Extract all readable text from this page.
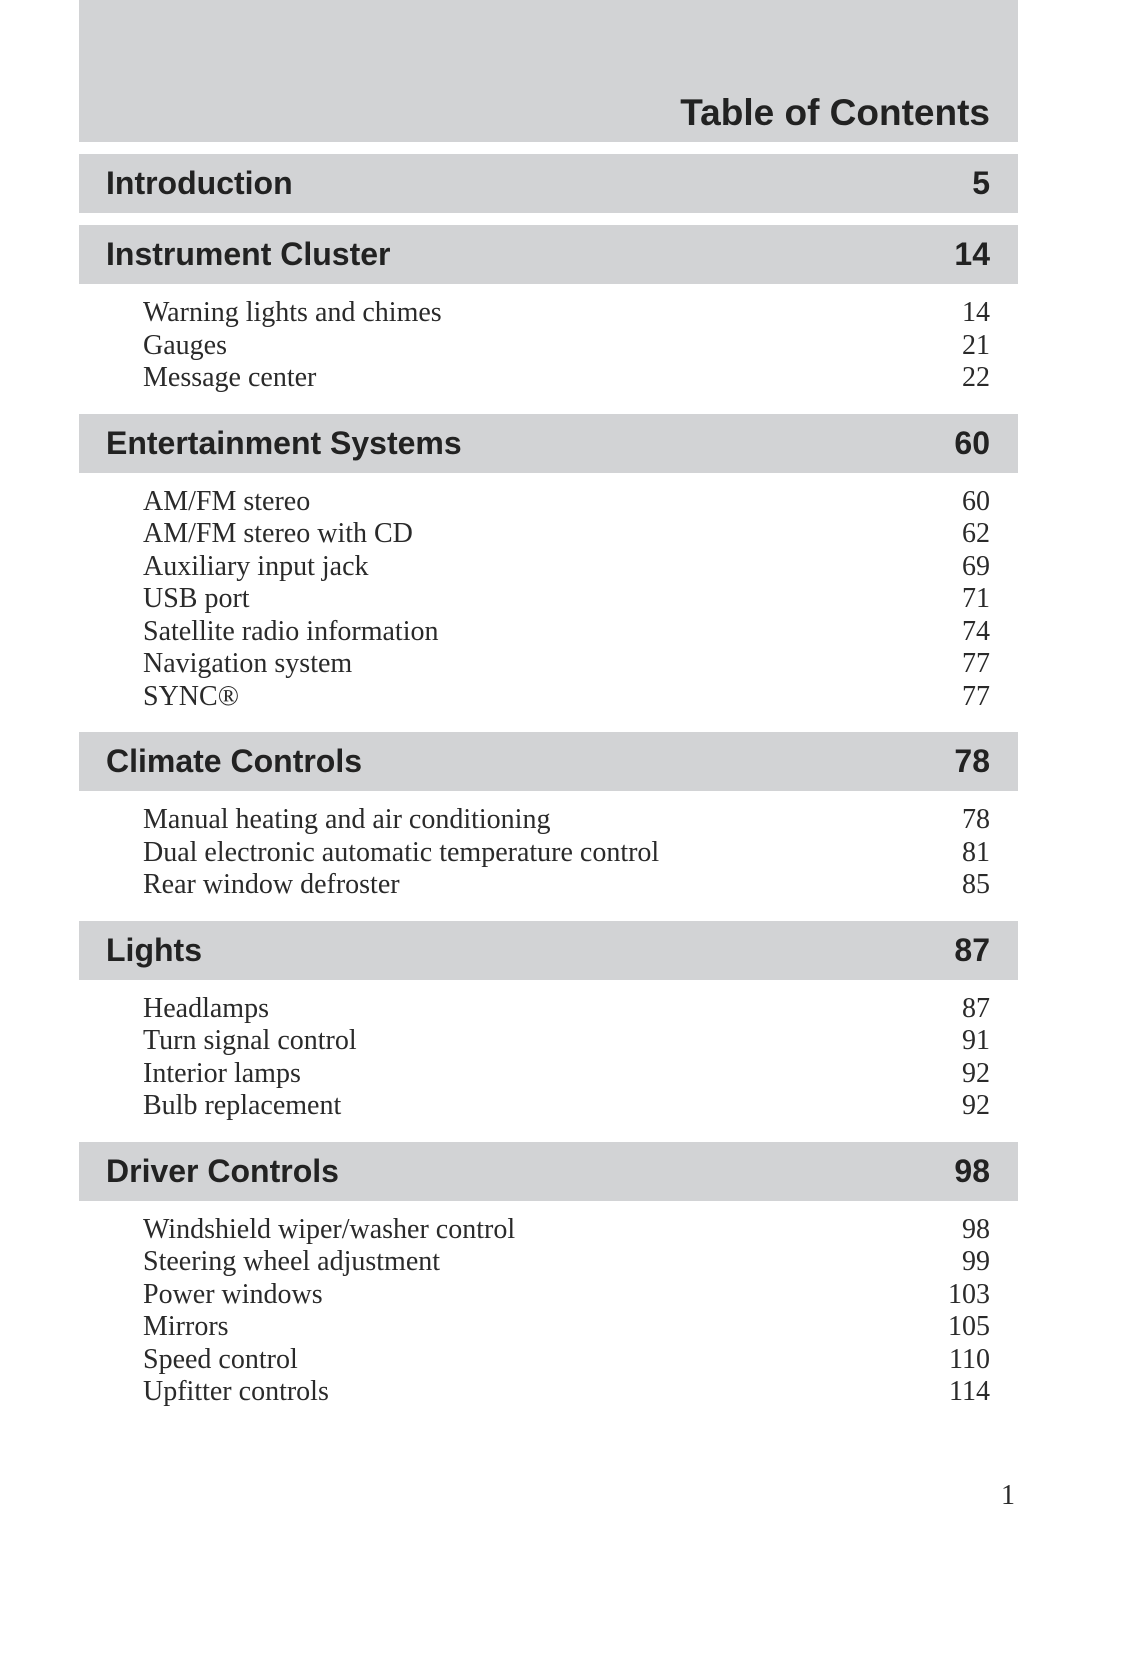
Table of Contents
Introduction	5
Instrument Cluster	14
Warning lights and chimes	14
Gauges	21
Message center	22
Entertainment Systems	60
AM/FM stereo	60
AM/FM stereo with CD	62
Auxiliary input jack	69
USB port	71
Satellite radio information	74
Navigation system	77
SYNC®	77
Climate Controls	78
Manual heating and air conditioning	78
Dual electronic automatic temperature control	81
Rear window defroster	85
Lights	87
Headlamps	87
Turn signal control	91
Interior lamps	92
Bulb replacement	92
Driver Controls	98
Windshield wiper/washer control	98
Steering wheel adjustment	99
Power windows	103
Mirrors	105
Speed control	110
Upfitter controls	114
1
